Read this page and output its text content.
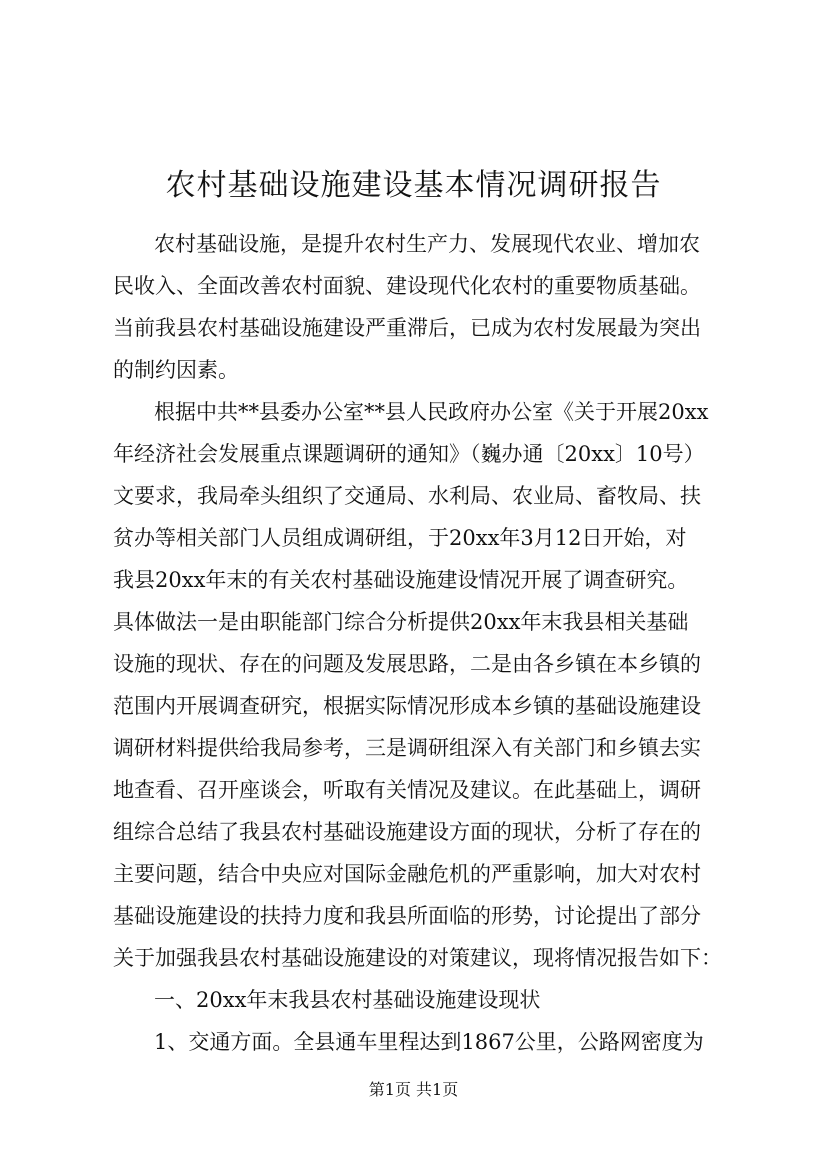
农村基础设施建设基本情况调研报告
农村基础设施，是提升农村生产力、发展现代农业、增加农
民收入、全面改善农村面貌、建设现代化农村的重要物质基础。
当前我县农村基础设施建设严重滞后，已成为农村发展最为突出
的制约因素。
根据中共**县委办公室**县人民政府办公室《关于开展20xx
年经济社会发展重点课题调研的通知》（巍办通〔20xx〕10号）
文要求，我局牵头组织了交通局、水利局、农业局、畜牧局、扶
贫办等相关部门人员组成调研组，于20xx年3月12日开始，对
我县20xx年末的有关农村基础设施建设情况开展了调查研究。
具体做法一是由职能部门综合分析提供20xx年末我县相关基础
设施的现状、存在的问题及发展思路，二是由各乡镇在本乡镇的
范围内开展调查研究，根据实际情况形成本乡镇的基础设施建设
调研材料提供给我局参考，三是调研组深入有关部门和乡镇去实
地查看、召开座谈会，听取有关情况及建议。在此基础上，调研
组综合总结了我县农村基础设施建设方面的现状，分析了存在的
主要问题，结合中央应对国际金融危机的严重影响，加大对农村
基础设施建设的扶持力度和我县所面临的形势，讨论提出了部分
关于加强我县农村基础设施建设的对策建议，现将情况报告如下：
一、20xx年末我县农村基础设施建设现状
1、交通方面。全县通车里程达到1867公里，公路网密度为
第1页 共1页
